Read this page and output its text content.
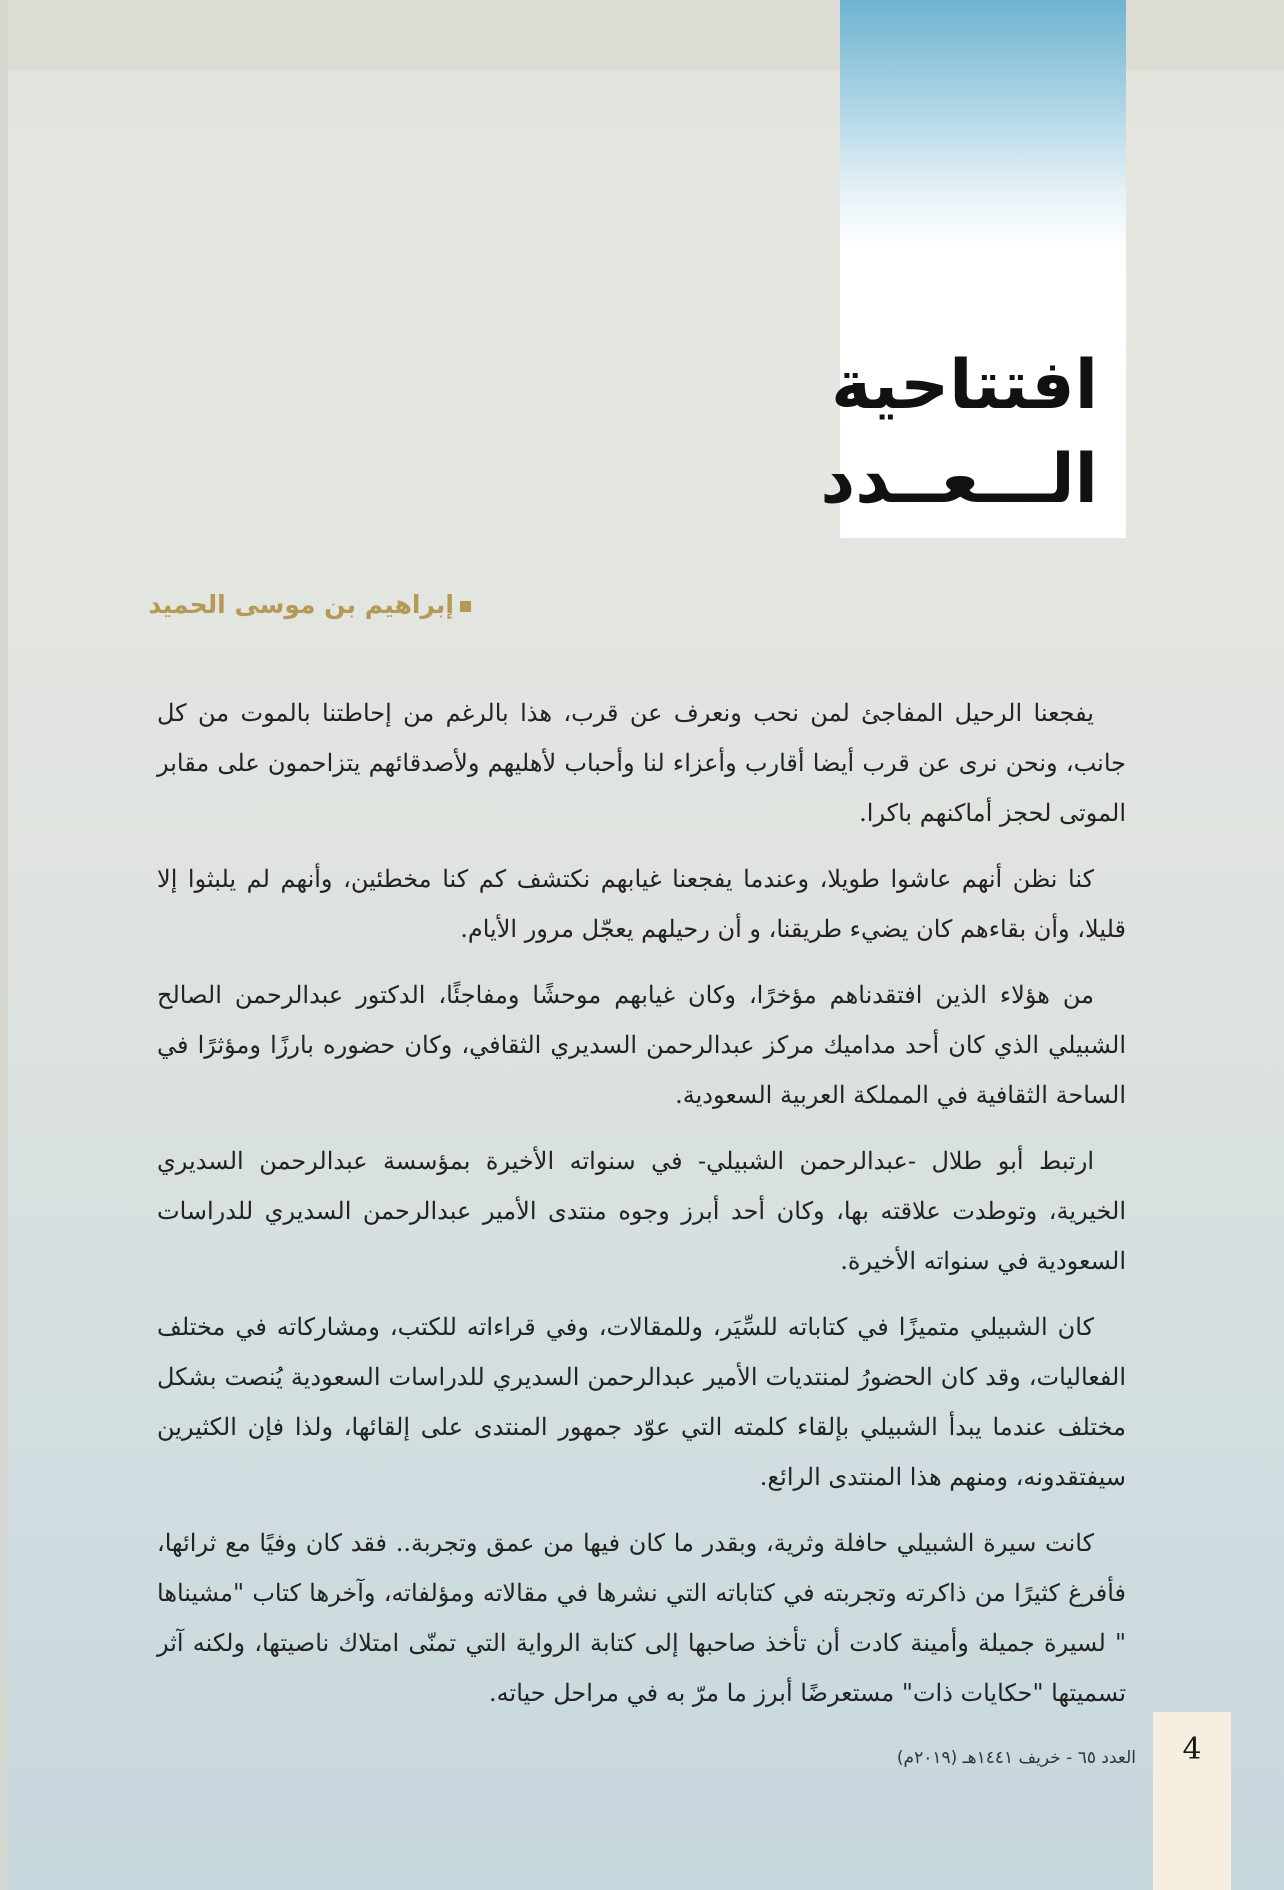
افتتاحية
الـــعــدد
إبراهيم بن موسى الحميد

يفجعنا الرحيل المفاجئ لمن نحب ونعرف عن قرب، هذا بالرغم من إحاطتنا بالموت من كل جانب، ونحن نرى عن قرب أيضا أقارب وأعزاء لنا وأحباب لأهليهم ولأصدقائهم يتزاحمون على مقابر الموتى لحجز أماكنهم باكرا.

كنا نظن أنهم عاشوا طويلا، وعندما يفجعنا غيابهم نكتشف كم كنا مخطئين، وأنهم لم يلبثوا إلا قليلا، وأن بقاءهم كان يضيء طريقنا، و أن رحيلهم يعجّل مرور الأيام.

من هؤلاء الذين افتقدناهم مؤخرًا، وكان غيابهم موحشًا ومفاجئًا، الدكتور عبدالرحمن الصالح الشبيلي الذي كان أحد مداميك مركز عبدالرحمن السديري الثقافي، وكان حضوره بارزًا ومؤثرًا في الساحة الثقافية في المملكة العربية السعودية.

ارتبط أبو طلال -عبدالرحمن الشبيلي- في سنواته الأخيرة بمؤسسة عبدالرحمن السديري الخيرية، وتوطدت علاقته بها، وكان أحد أبرز وجوه منتدى الأمير عبدالرحمن السديري للدراسات السعودية في سنواته الأخيرة.

كان الشبيلي متميزًا في كتاباته للسِّيَر، وللمقالات، وفي قراءاته للكتب، ومشاركاته في مختلف الفعاليات، وقد كان الحضورُ لمنتديات الأمير عبدالرحمن السديري للدراسات السعودية يُنصت بشكل مختلف عندما يبدأ الشبيلي بإلقاء كلمته التي عوّد جمهور المنتدى على إلقائها، ولذا فإن الكثيرين سيفتقدونه، ومنهم هذا المنتدى الرائع.

كانت سيرة الشبيلي حافلة وثرية، وبقدر ما كان فيها من عمق وتجربة.. فقد كان وفيًا مع ثرائها، فأفرغ كثيرًا من ذاكرته وتجربته في كتاباته التي نشرها في مقالاته ومؤلفاته، وآخرها كتاب "مشيناها " لسيرة جميلة وأمينة كادت أن تأخذ صاحبها إلى كتابة الرواية التي تمنّى امتلاك ناصيتها، ولكنه آثر تسميتها "حكايات ذات" مستعرضًا أبرز ما مرّ به في مراحل حياته.

العدد ٦٥ - خريف ١٤٤١هـ (٢٠١٩م)	4
